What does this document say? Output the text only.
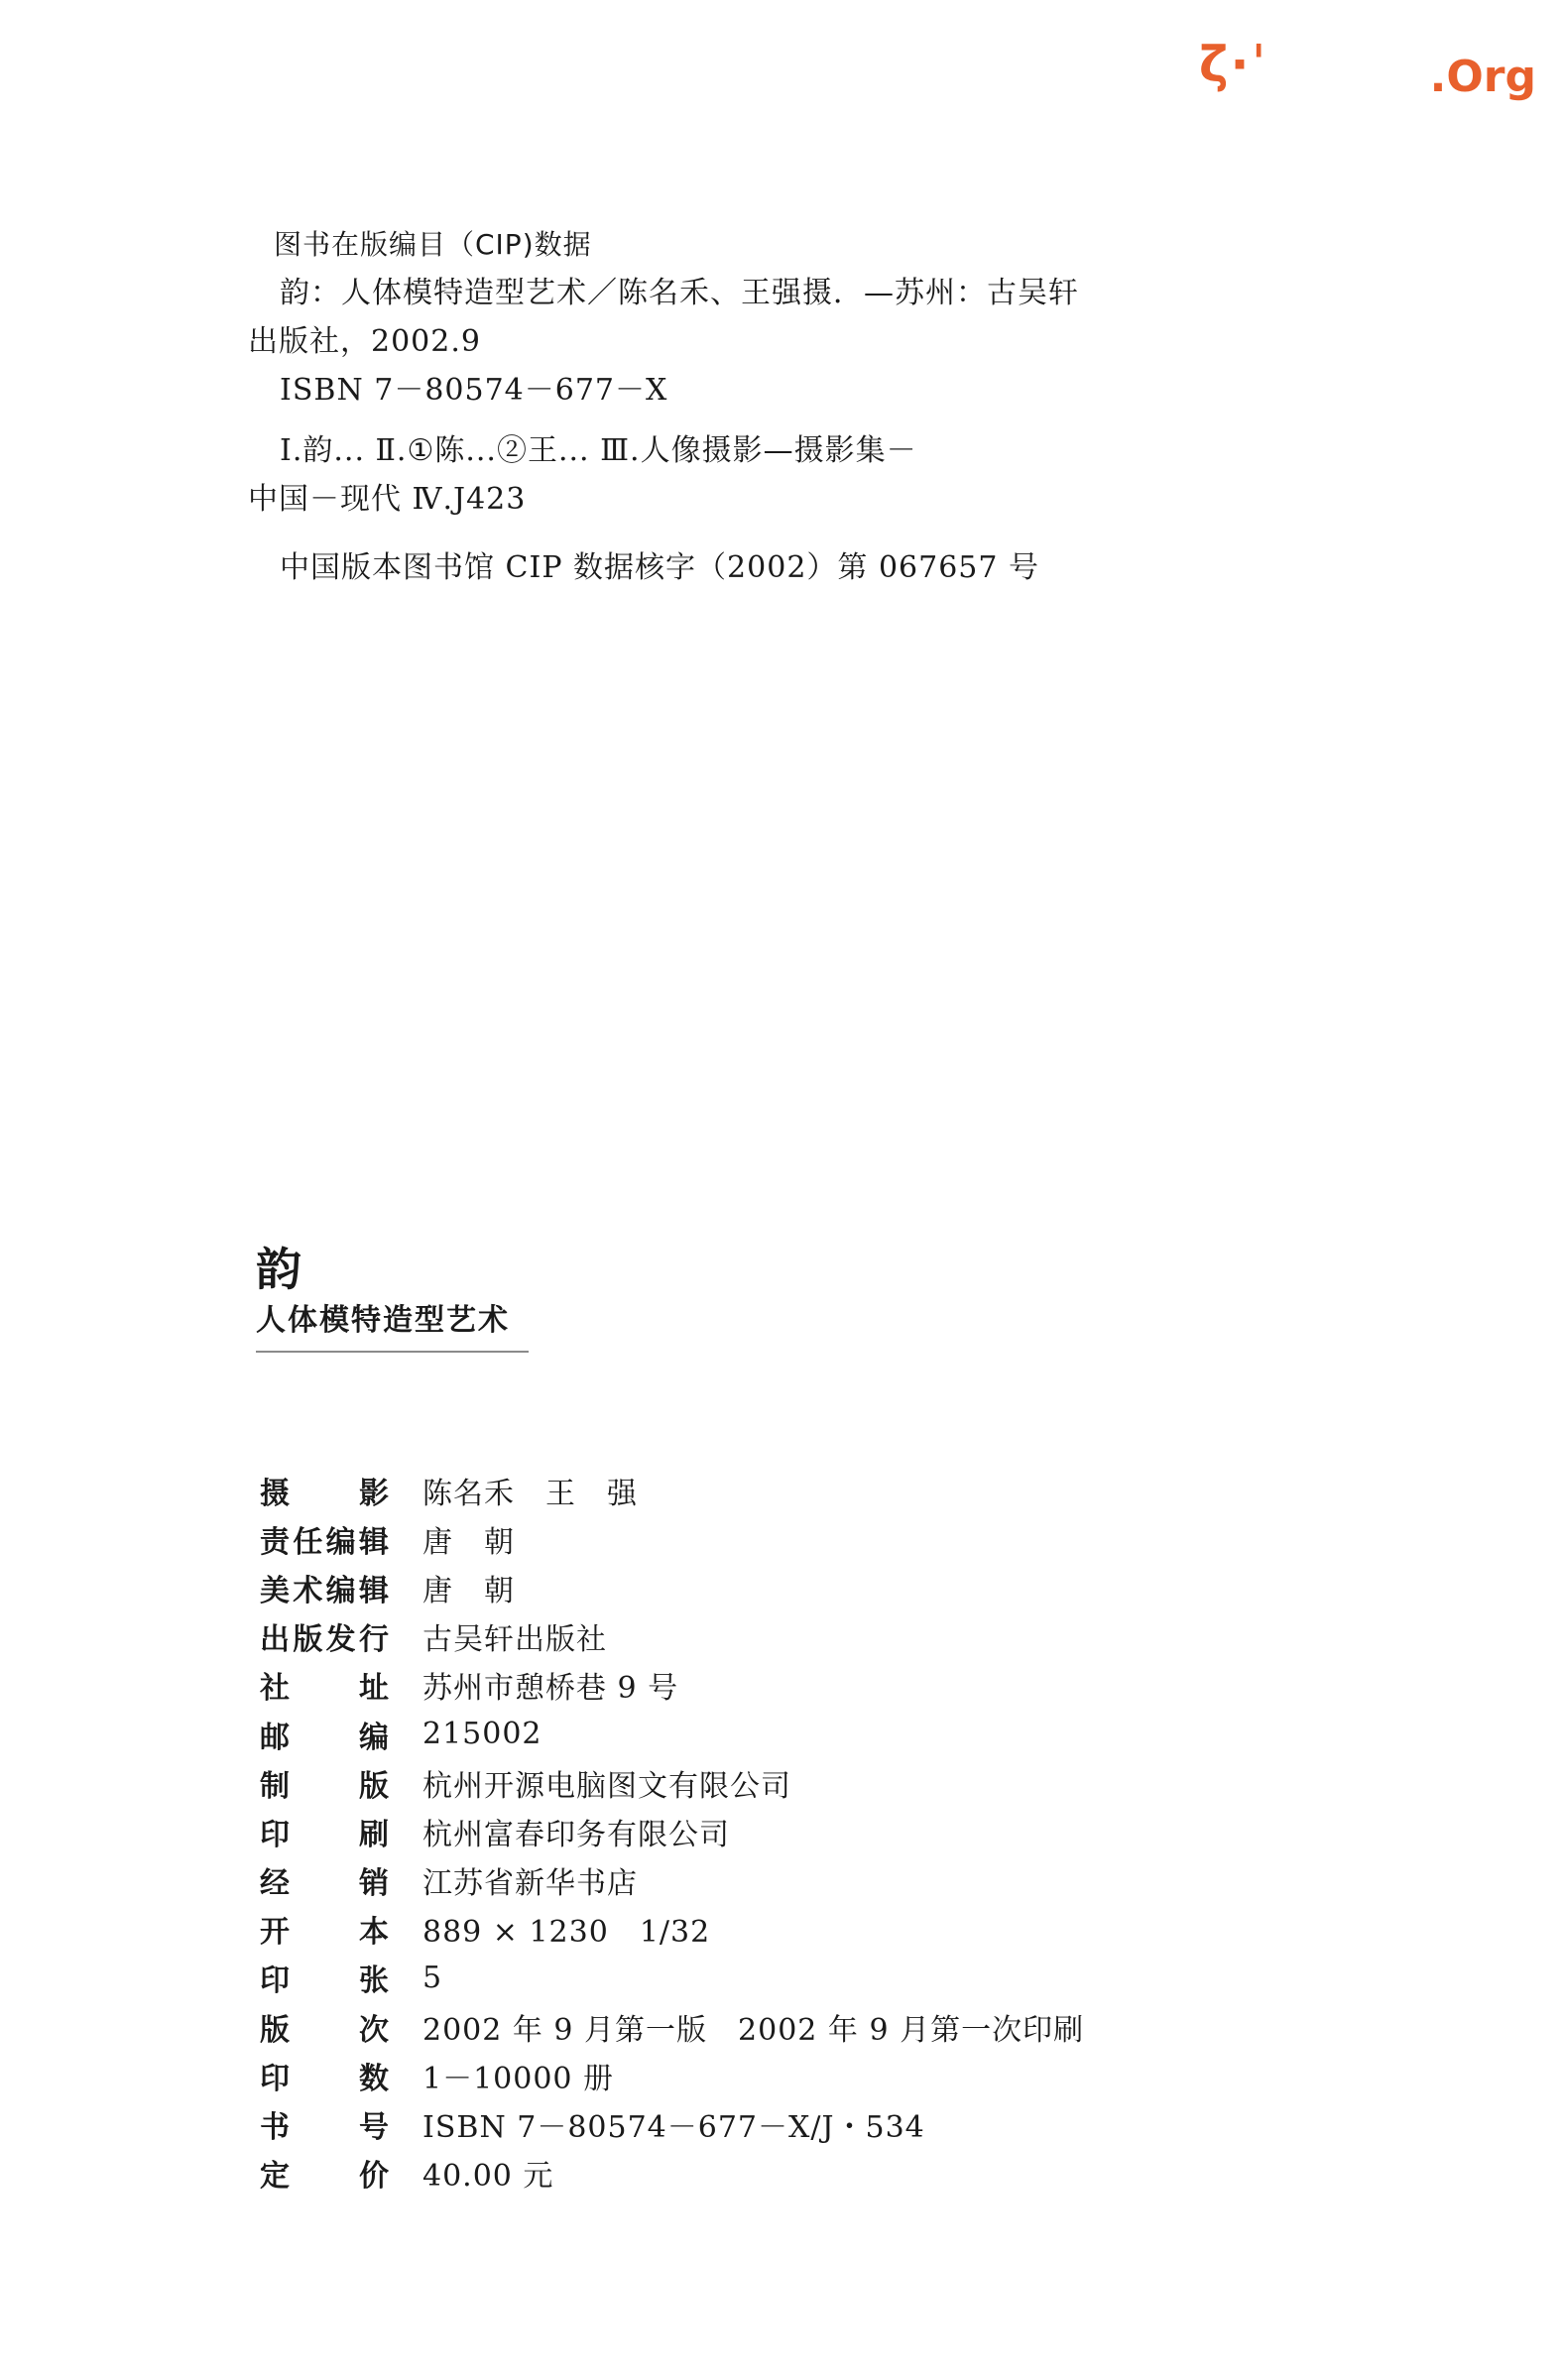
ζ·ˈ	.Org
图书在版编目（CIP)数据
韵：人体模特造型艺术／陈名禾、王强摄．—苏州：古吴轩
出版社，2002.9
ISBN 7－80574－677－X
Ⅰ.韵... Ⅱ.①陈...②王... Ⅲ.人像摄影—摄影集－
中国－现代 Ⅳ.J423
中国版本图书馆 CIP 数据核字（2002）第 067657 号
韵
人体模特造型艺术
摄 影 陈名禾　王　强
责 任 编 辑 唐　朝
美 术 编 辑 唐　朝
出 版 发 行 古吴轩出版社
社 址 苏州市憩桥巷 9 号
邮 编 215002
制 版 杭州开源电脑图文有限公司
印 刷 杭州富春印务有限公司
经 销 江苏省新华书店
开 本 889 × 1230　1/32
印 张 5
版 次 2002 年 9 月第一版　2002 年 9 月第一次印刷
印 数 1－10000 册
书 号 ISBN 7－80574－677－X/J・534
定 价 40.00 元
